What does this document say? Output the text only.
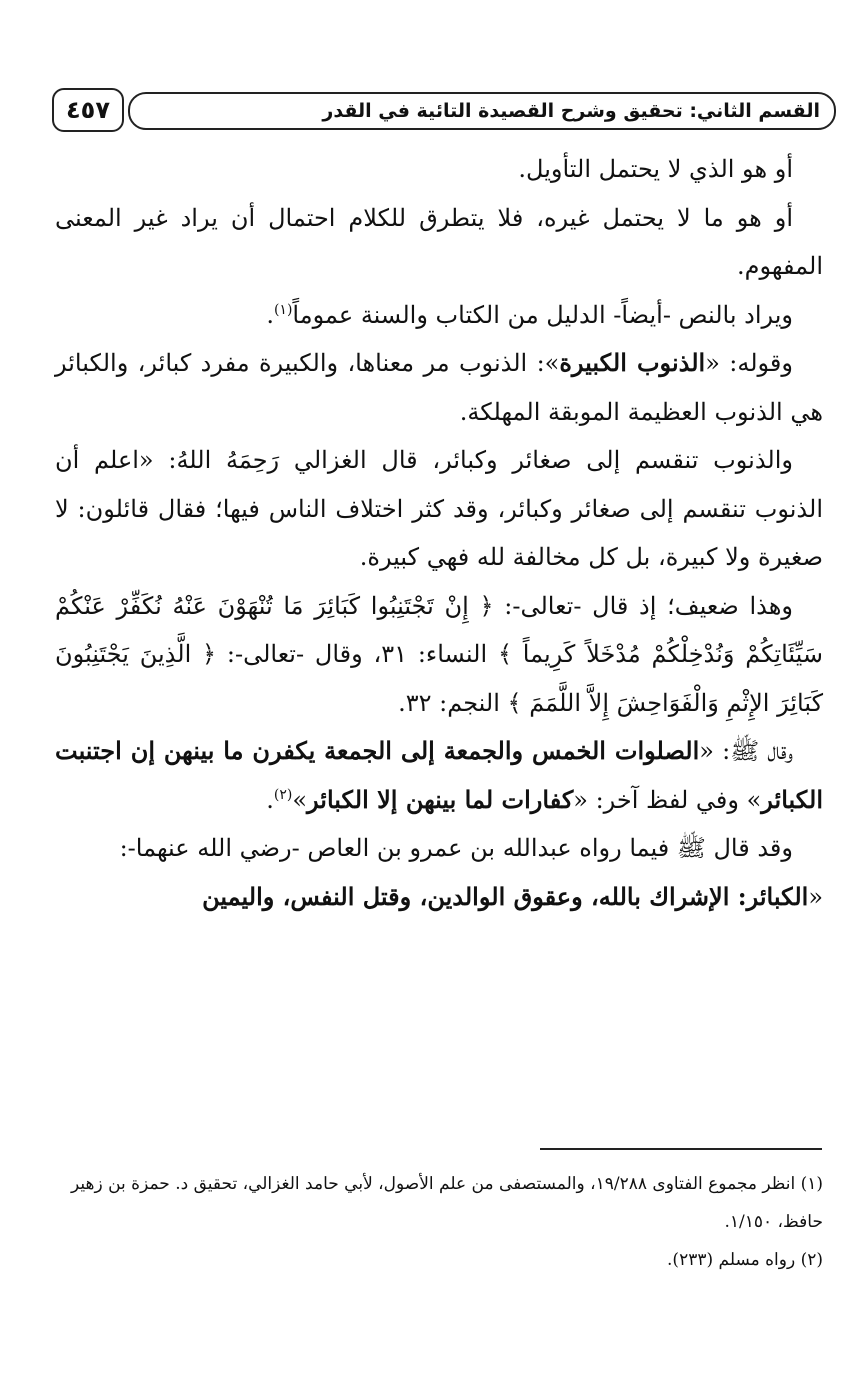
القسم الثاني: تحقيق وشرح القصيدة التائية في القدر
٤٥٧

أو هو الذي لا يحتمل التأويل.

أو هو ما لا يحتمل غيره، فلا يتطرق للكلام احتمال أن يراد غير المعنى المفهوم.

ويراد بالنص -أيضاً- الدليل من الكتاب والسنة عموماً$^{(١)}$.

وقوله: «الذنوب الكبيرة»: الذنوب مر معناها، والكبيرة مفرد كبائر، والكبائر هي الذنوب العظيمة الموبقة المهلكة.

والذنوب تنقسم إلى صغائر وكبائر، قال الغزالي رَحِمَهُ اللهُ: «اعلم أن الذنوب تنقسم إلى صغائر وكبائر، وقد كثر اختلاف الناس فيها؛ فقال قائلون: لا صغيرة ولا كبيرة، بل كل مخالفة لله فهي كبيرة.

وهذا ضعيف؛ إذ قال -تعالى-: ﴿ إِنْ تَجْتَنِبُوا كَبَائِرَ مَا تُنْهَوْنَ عَنْهُ نُكَفِّرْ عَنْكُمْ سَيِّئَاتِكُمْ وَنُدْخِلْكُمْ مُدْخَلاً كَرِيماً ﴾ النساء: ٣١، وقال -تعالى-: ﴿ الَّذِينَ يَجْتَنِبُونَ كَبَائِرَ الإِثْمِ وَالْفَوَاحِشَ إِلاَّ اللَّمَمَ ﴾ النجم: ٣٢.

وقال ﷺ: «الصلوات الخمس والجمعة إلى الجمعة يكفرن ما بينهن إن اجتنبت الكبائر» وفي لفظ آخر: «كفارات لما بينهن إلا الكبائر»$^{(٢)}$.

وقد قال ﷺ فيما رواه عبدالله بن عمرو بن العاص -رضي الله عنهما-:

«الكبائر: الإشراك بالله، وعقوق الوالدين، وقتل النفس، واليمين

(١) انظر مجموع الفتاوى ١٩/٢٨٨، والمستصفى من علم الأصول، لأبي حامد الغزالي، تحقيق د. حمزة بن زهير حافظ، ١/١٥٠.

(٢) رواه مسلم (٢٣٣).
